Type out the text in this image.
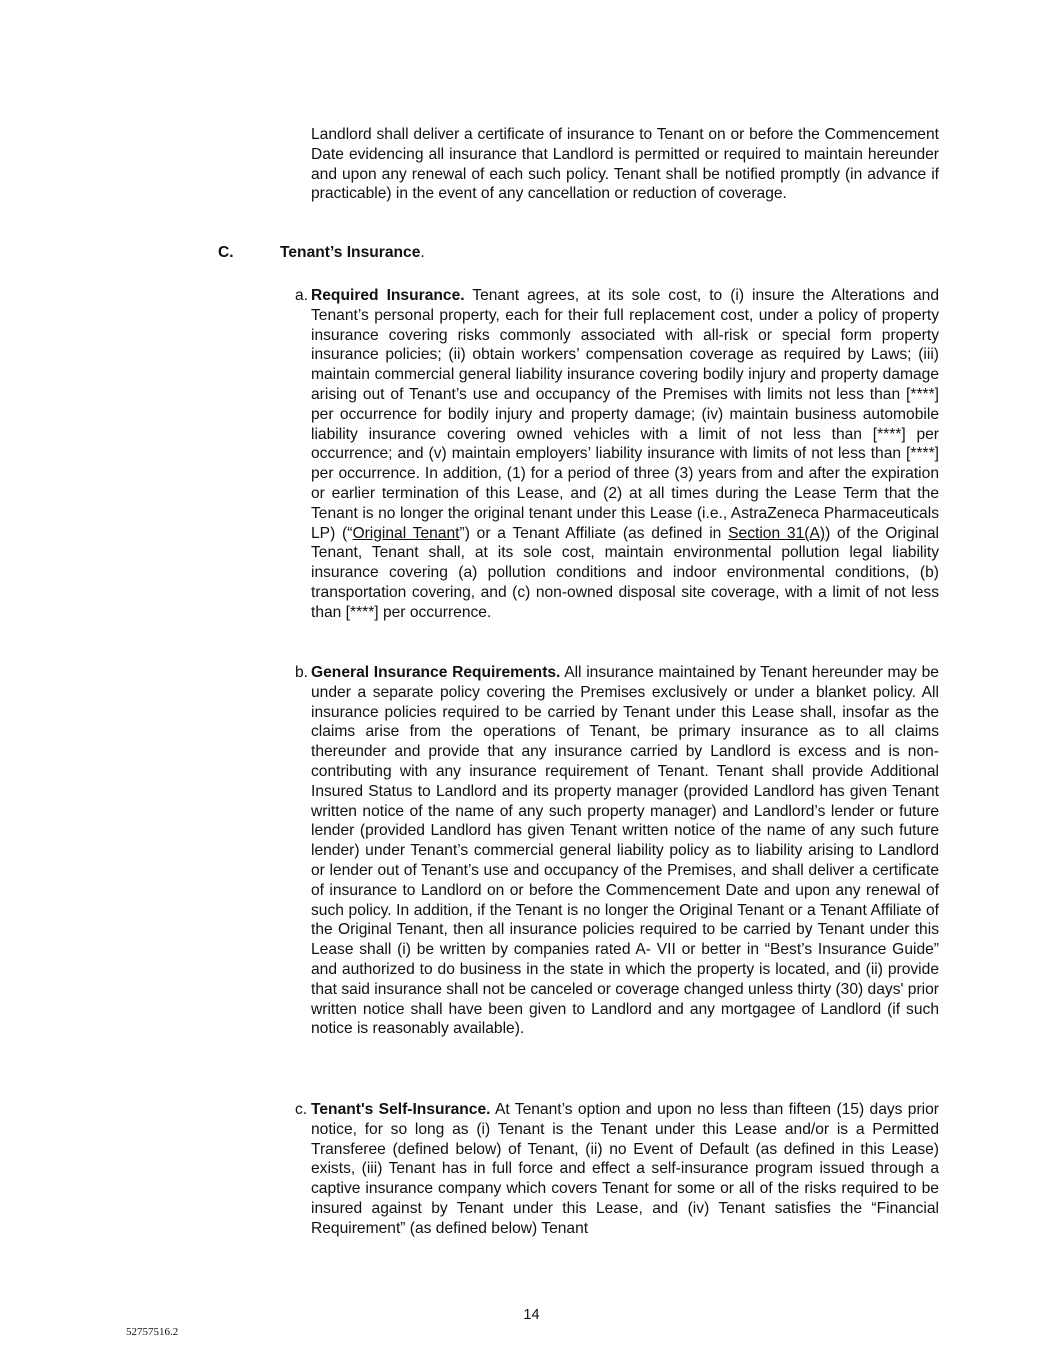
Landlord shall deliver a certificate of insurance to Tenant on or before the Commencement Date evidencing all insurance that Landlord is permitted or required to maintain hereunder and upon any renewal of each such policy. Tenant shall be notified promptly (in advance if practicable) in the event of any cancellation or reduction of coverage.

C.	Tenant’s Insurance.
a. Required Insurance. Tenant agrees, at its sole cost, to (i) insure the Alterations and Tenant’s personal property, each for their full replacement cost, under a policy of property insurance covering risks commonly associated with all-risk or special form property insurance policies; (ii) obtain workers’ compensation coverage as required by Laws; (iii) maintain commercial general liability insurance covering bodily injury and property damage arising out of Tenant’s use and occupancy of the Premises with limits not less than [****] per occurrence for bodily injury and property damage; (iv) maintain business automobile liability insurance covering owned vehicles with a limit of not less than [****] per occurrence; and (v) maintain employers’ liability insurance with limits of not less than [****] per occurrence. In addition, (1) for a period of three (3) years from and after the expiration or earlier termination of this Lease, and (2) at all times during the Lease Term that the Tenant is no longer the original tenant under this Lease (i.e., AstraZeneca Pharmaceuticals LP) (“Original Tenant”) or a Tenant Affiliate (as defined in Section 31(A)) of the Original Tenant, Tenant shall, at its sole cost, maintain environmental pollution legal liability insurance covering (a) pollution conditions and indoor environmental conditions, (b) transportation covering, and (c) non-owned disposal site coverage, with a limit of not less than [****] per occurrence.

b. General Insurance Requirements. All insurance maintained by Tenant hereunder may be under a separate policy covering the Premises exclusively or under a blanket policy. All insurance policies required to be carried by Tenant under this Lease shall, insofar as the claims arise from the operations of Tenant, be primary insurance as to all claims thereunder and provide that any insurance carried by Landlord is excess and is non-contributing with any insurance requirement of Tenant. Tenant shall provide Additional Insured Status to Landlord and its property manager (provided Landlord has given Tenant written notice of the name of any such property manager) and Landlord’s lender or future lender (provided Landlord has given Tenant written notice of the name of any such future lender) under Tenant’s commercial general liability policy as to liability arising to Landlord or lender out of Tenant’s use and occupancy of the Premises, and shall deliver a certificate of insurance to Landlord on or before the Commencement Date and upon any renewal of such policy. In addition, if the Tenant is no longer the Original Tenant or a Tenant Affiliate of the Original Tenant, then all insurance policies required to be carried by Tenant under this Lease shall (i) be written by companies rated A- VII or better in “Best’s Insurance Guide” and authorized to do business in the state in which the property is located, and (ii) provide that said insurance shall not be canceled or coverage changed unless thirty (30) days' prior written notice shall have been given to Landlord and any mortgagee of Landlord (if such notice is reasonably available).

c. Tenant's Self-Insurance. At Tenant’s option and upon no less than fifteen (15) days prior notice, for so long as (i) Tenant is the Tenant under this Lease and/or is a Permitted Transferee (defined below) of Tenant, (ii) no Event of Default (as defined in this Lease) exists, (iii) Tenant has in full force and effect a self-insurance program issued through a captive insurance company which covers Tenant for some or all of the risks required to be insured against by Tenant under this Lease, and (iv) Tenant satisfies the “Financial Requirement” (as defined below) Tenant

14
52757516.2
